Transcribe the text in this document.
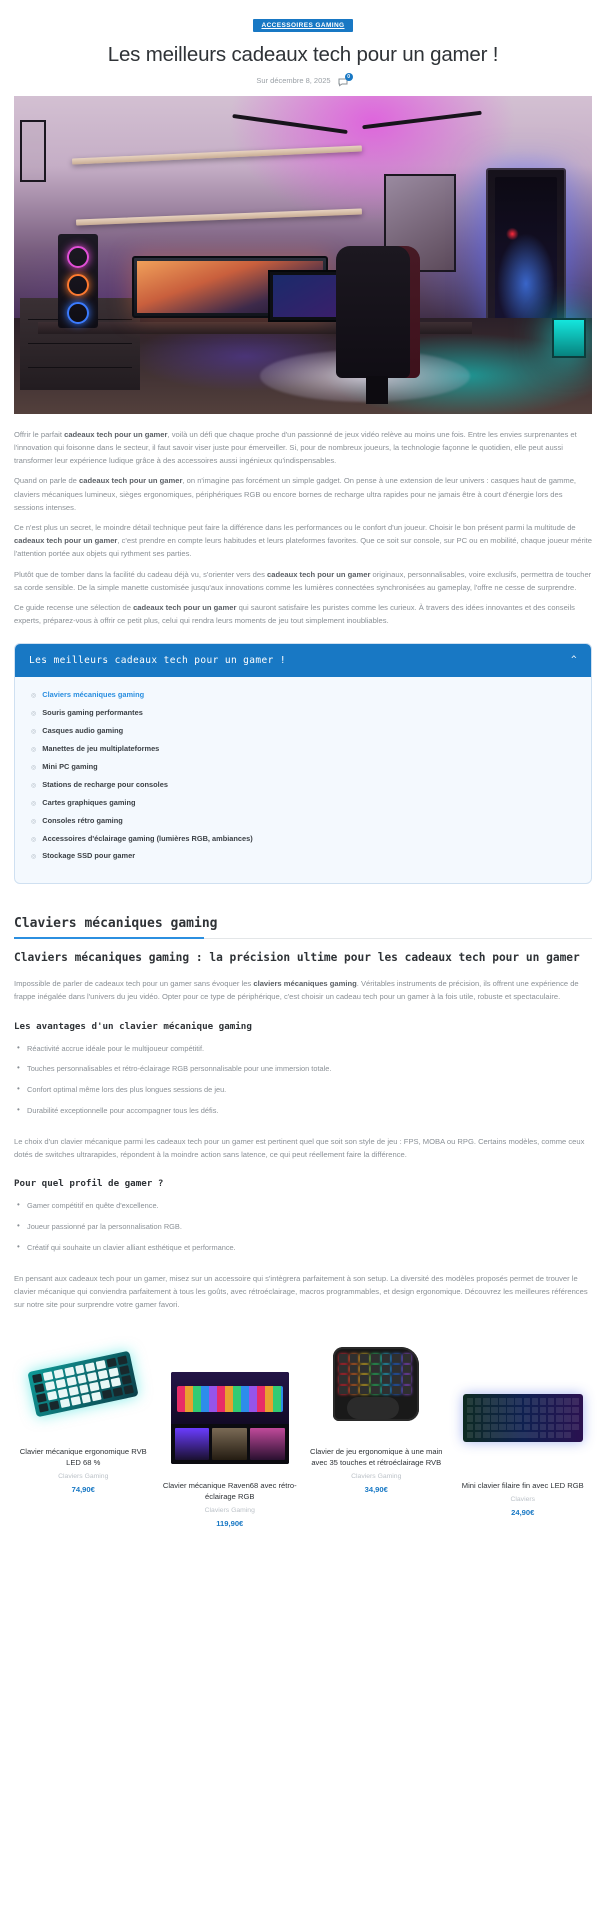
ACCESSOIRES GAMING
Les meilleurs cadeaux tech pour un gamer !
Sur décembre 8, 2025	0

Offrir le parfait cadeaux tech pour un gamer, voilà un défi que chaque proche d'un passionné de jeux vidéo relève au moins une fois. Entre les envies surprenantes et l'innovation qui foisonne dans le secteur, il faut savoir viser juste pour émerveiller. Si, pour de nombreux joueurs, la technologie façonne le quotidien, elle peut aussi transformer leur expérience ludique grâce à des accessoires aussi ingénieux qu'indispensables.

Quand on parle de cadeaux tech pour un gamer, on n'imagine pas forcément un simple gadget. On pense à une extension de leur univers : casques haut de gamme, claviers mécaniques lumineux, sièges ergonomiques, périphériques RGB ou encore bornes de recharge ultra rapides pour ne jamais être à court d'énergie lors des sessions intenses.

Ce n'est plus un secret, le moindre détail technique peut faire la différence dans les performances ou le confort d'un joueur. Choisir le bon présent parmi la multitude de cadeaux tech pour un gamer, c'est prendre en compte leurs habitudes et leurs plateformes favorites. Que ce soit sur console, sur PC ou en mobilité, chaque joueur mérite l'attention portée aux objets qui rythment ses parties.

Plutôt que de tomber dans la facilité du cadeau déjà vu, s'orienter vers des cadeaux tech pour un gamer originaux, personnalisables, voire exclusifs, permettra de toucher sa corde sensible. De la simple manette customisée jusqu'aux innovations comme les lumières connectées synchronisées au gameplay, l'offre ne cesse de surprendre.

Ce guide recense une sélection de cadeaux tech pour un gamer qui sauront satisfaire les puristes comme les curieux. À travers des idées innovantes et des conseils experts, préparez-vous à offrir ce petit plus, celui qui rendra leurs moments de jeu tout simplement inoubliables.

Les meilleurs cadeaux tech pour un gamer !	^
◎ Claviers mécaniques gaming
◎ Souris gaming performantes
◎ Casques audio gaming
◎ Manettes de jeu multiplateformes
◎ Mini PC gaming
◎ Stations de recharge pour consoles
◎ Cartes graphiques gaming
◎ Consoles rétro gaming
◎ Accessoires d'éclairage gaming (lumières RGB, ambiances)
◎ Stockage SSD pour gamer
Claviers mécaniques gaming
Claviers mécaniques gaming : la précision ultime pour les cadeaux tech pour un gamer

Impossible de parler de cadeaux tech pour un gamer sans évoquer les claviers mécaniques gaming. Véritables instruments de précision, ils offrent une expérience de frappe inégalée dans l'univers du jeu vidéo. Opter pour ce type de périphérique, c'est choisir un cadeau tech pour un gamer à la fois utile, robuste et spectaculaire.

Les avantages d'un clavier mécanique gaming
• Réactivité accrue idéale pour le multijoueur compétitif.
• Touches personnalisables et rétro-éclairage RGB personnalisable pour une immersion totale.
• Confort optimal même lors des plus longues sessions de jeu.
• Durabilité exceptionnelle pour accompagner tous les défis.

Le choix d'un clavier mécanique parmi les cadeaux tech pour un gamer est pertinent quel que soit son style de jeu : FPS, MOBA ou RPG. Certains modèles, comme ceux dotés de switches ultrarapides, répondent à la moindre action sans latence, ce qui peut réellement faire la différence.

Pour quel profil de gamer ?
• Gamer compétitif en quête d'excellence.
• Joueur passionné par la personnalisation RGB.
• Créatif qui souhaite un clavier alliant esthétique et performance.

En pensant aux cadeaux tech pour un gamer, misez sur un accessoire qui s'intègrera parfaitement à son setup. La diversité des modèles proposés permet de trouver le clavier mécanique qui conviendra parfaitement à tous les goûts, avec rétroéclairage, macros programmables, et design ergonomique. Découvrez les meilleures références sur notre site pour surprendre votre gamer favori.

Clavier mécanique ergonomique RVB LED 68 %

Claviers Gaming

74,90€	Clavier mécanique Raven68 avec rétro-éclairage RGB

Claviers Gaming

119,90€

Clavier de jeu ergonomique à une main avec 35 touches et rétroéclairage RVB

Claviers Gaming

34,90€	Mini clavier filaire fin avec LED RGB

Claviers

24,90€
